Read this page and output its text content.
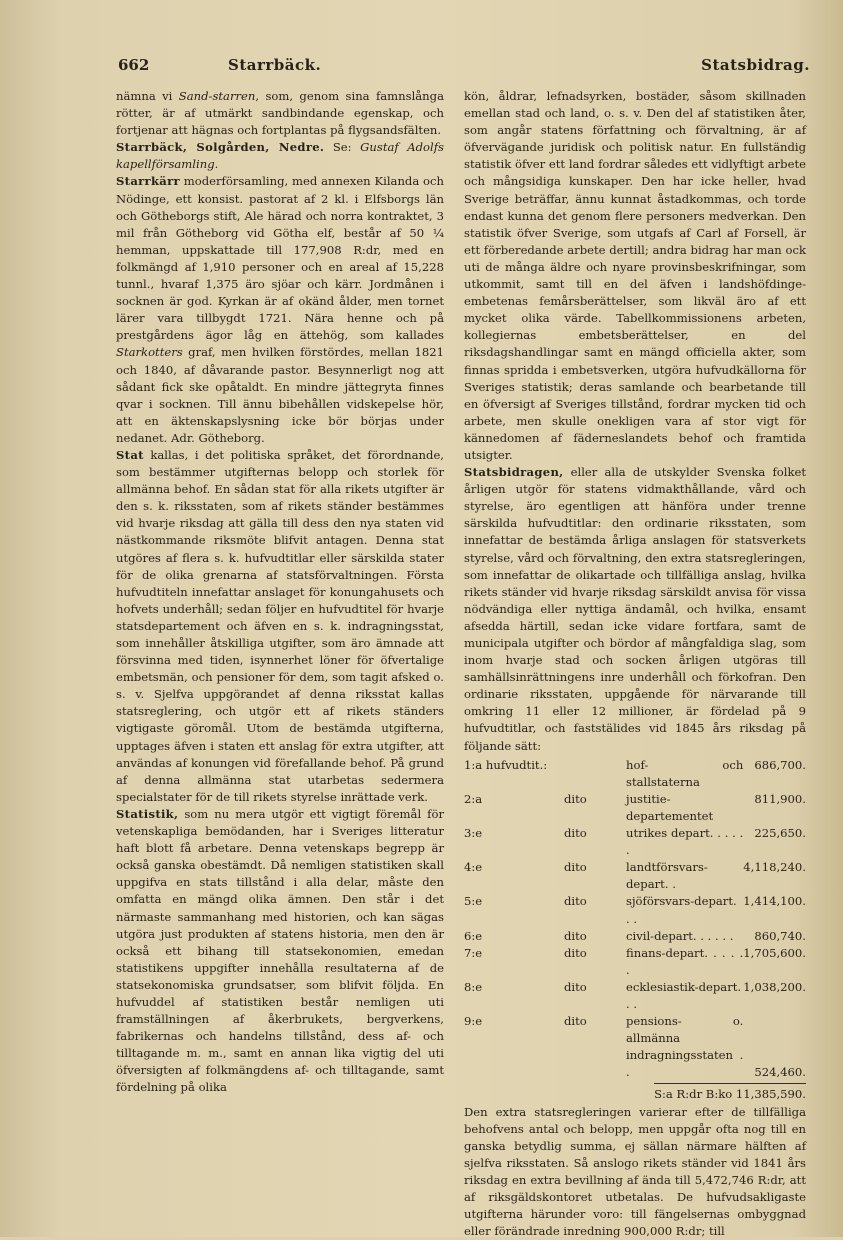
662	Starrbäck.	Statsbidrag.

nämna vi Sand-starren, som, genom sina famnslånga rötter, är af utmärkt sandbindande egenskap, och fortjenar att hägnas och fortplantas på flygsandsfälten.

Starrbäck, Solgården, Nedre. Se: Gustaf Adolfs kapellförsamling.

Starrkärr moderförsamling, med annexen Kilanda och Nödinge, ett konsist. pastorat af 2 kl. i Elfsborgs län och Götheborgs stift, Ale härad och norra kontraktet, 3 mil från Götheborg vid Götha elf, består af 50 ¼ hemman, uppskattade till 177,908 R:dr, med en folkmängd af 1,910 personer och en areal af 15,228 tunnl., hvaraf 1,375 äro sjöar och kärr. Jordmånen i socknen är god. Kyrkan är af okänd ålder, men tornet lärer vara tillbygdt 1721. Nära henne och på prestgårdens ägor låg en ättehög, som kallades Starkotters graf, men hvilken förstördes, mellan 1821 och 1840, af dåvarande pastor. Besynnerligt nog att sådant fick ske opåtaldt. En mindre jättegryta finnes qvar i socknen. Till ännu bibehållen vidskepelse hör, att en äktenskapslysning icke bör börjas under nedanet. Adr. Götheborg.

Stat kallas, i det politiska språket, det förordnande, som bestämmer utgifternas belopp och storlek för allmänna behof. En sådan stat för alla rikets utgifter är den s. k. riksstaten, som af rikets ständer bestämmes vid hvarje riksdag att gälla till dess den nya staten vid nästkommande riksmöte blifvit antagen. Denna stat utgöres af flera s. k. hufvudtitlar eller särskilda stater för de olika grenarna af statsförvaltningen. Första hufvudtiteln innefattar anslaget för konungahusets och hofvets underhåll; sedan följer en hufvudtitel för hvarje statsdepartement och äfven en s. k. indragningsstat, som innehåller åtskilliga utgifter, som äro ämnade att försvinna med tiden, isynnerhet löner för öfvertalige embetsmän, och pensioner för dem, som tagit afsked o. s. v. Sjelfva uppgörandet af denna riksstat kallas statsreglering, och utgör ett af rikets ständers vigtigaste göromål. Utom de bestämda utgifterna, upptages äfven i staten ett anslag för extra utgifter, att användas af konungen vid förefallande behof. På grund af denna allmänna stat utarbetas sedermera specialstater för de till rikets styrelse inrättade verk.

Statistik, som nu mera utgör ett vigtigt föremål för vetenskapliga bemödanden, har i Sveriges litteratur haft blott få arbetare. Denna vetenskaps begrepp är också ganska obestämdt. Då nemligen statistiken skall uppgifva en stats tillstånd i alla delar, måste den omfatta en mängd olika ämnen. Den står i det närmaste sammanhang med historien, och kan sägas utgöra just produkten af statens historia, men den är också ett bihang till statsekonomien, emedan statistikens uppgifter innehålla resultaterna af de statsekonomiska grundsatser, som blifvit följda. En hufvuddel af statistiken består nemligen uti framställningen af åkerbrukets, bergverkens, fabrikernas och handelns tillstånd, dess af- och tilltagande m. m., samt en annan lika vigtig del uti öfversigten af folkmängdens af- och tilltagande, samt fördelning på olika

kön, åldrar, lefnadsyrken, bostäder, såsom skillnaden emellan stad och land, o. s. v. Den del af statistiken åter, som angår statens författning och förvaltning, är af öfvervägande juridisk och politisk natur. En fullständig statistik öfver ett land fordrar således ett vidlyftigt arbete och mångsidiga kunskaper. Den har icke heller, hvad Sverige beträffar, ännu kunnat åstadkommas, och torde endast kunna det genom flere personers medverkan. Den statistik öfver Sverige, som utgafs af Carl af Forsell, är ett förberedande arbete dertill; andra bidrag har man ock uti de många äldre och nyare provinsbeskrifningar, som utkommit, samt till en del äfven i landshöfdinge-embetenas femårsberättelser, som likväl äro af ett mycket olika värde. Tabellkommissionens arbeten, kollegiernas embetsberättelser, en del riksdagshandlingar samt en mängd officiella akter, som finnas spridda i embetsverken, utgöra hufvudkällorna för Sveriges statistik; deras samlande och bearbetande till en öfversigt af Sveriges tillstånd, fordrar mycken tid och arbete, men skulle onekligen vara af stor vigt för kännedomen af fäderneslandets behof och framtida utsigter.

Statsbidragen, eller alla de utskylder Svenska folket årligen utgör för statens vidmakthållande, vård och styrelse, äro egentligen att hänföra under trenne särskilda hufvudtitlar: den ordinarie riksstaten, som innefattar de bestämda årliga anslagen för statsverkets styrelse, vård och förvaltning, den extra statsregleringen, som innefattar de olikartade och tillfälliga anslag, hvilka rikets ständer vid hvarje riksdag särskildt anvisa för vissa nödvändiga eller nyttiga ändamål, och hvilka, ensamt afsedda härtill, sedan icke vidare fortfara, samt de municipala utgifter och bördor af mångfaldiga slag, som inom hvarje stad och socken årligen utgöras till samhällsinrättningens inre underhåll och förkofran. Den ordinarie riksstaten, uppgående för närvarande till omkring 11 eller 12 millioner, är fördelad på 9 hufvudtitlar, och faststälides vid 1845 års riksdag på följande sätt:

1:a hufvudtit.:		hof- och stallstaterna	686,700.
2:a	dito	justitie-departementet	811,900.
3:e	dito	utrikes depart. . . . . .	225,650.
4:e	dito	landtförsvars-depart. .	4,118,240.
5:e	dito	sjöförsvars-depart. . .	1,414,100.
6:e	dito	civil-depart. . . . . .	860,740.
7:e	dito	finans-depart. . . . . .	1,705,600.
8:e	dito	ecklesiastik-depart. . .	1,038,200.
9:e	dito	pensions- o. allmänna indragningsstaten . .	524,460.

S:a R:dr B:ko 11,385,590.

Den extra statsregleringen varierar efter de tillfälliga behofvens antal och belopp, men uppgår ofta nog till en ganska betydlig summa, ej sällan närmare hälften af sjelfva riksstaten. Så anslogo rikets ständer vid 1841 års riksdag en extra bevillning af ända till 5,472,746 R:dr, att af riksgäldskontoret utbetalas. De hufvudsakligaste utgifterna härunder voro: till fängelsernas ombyggnad eller förändrade inredning 900,000 R:dr; till
